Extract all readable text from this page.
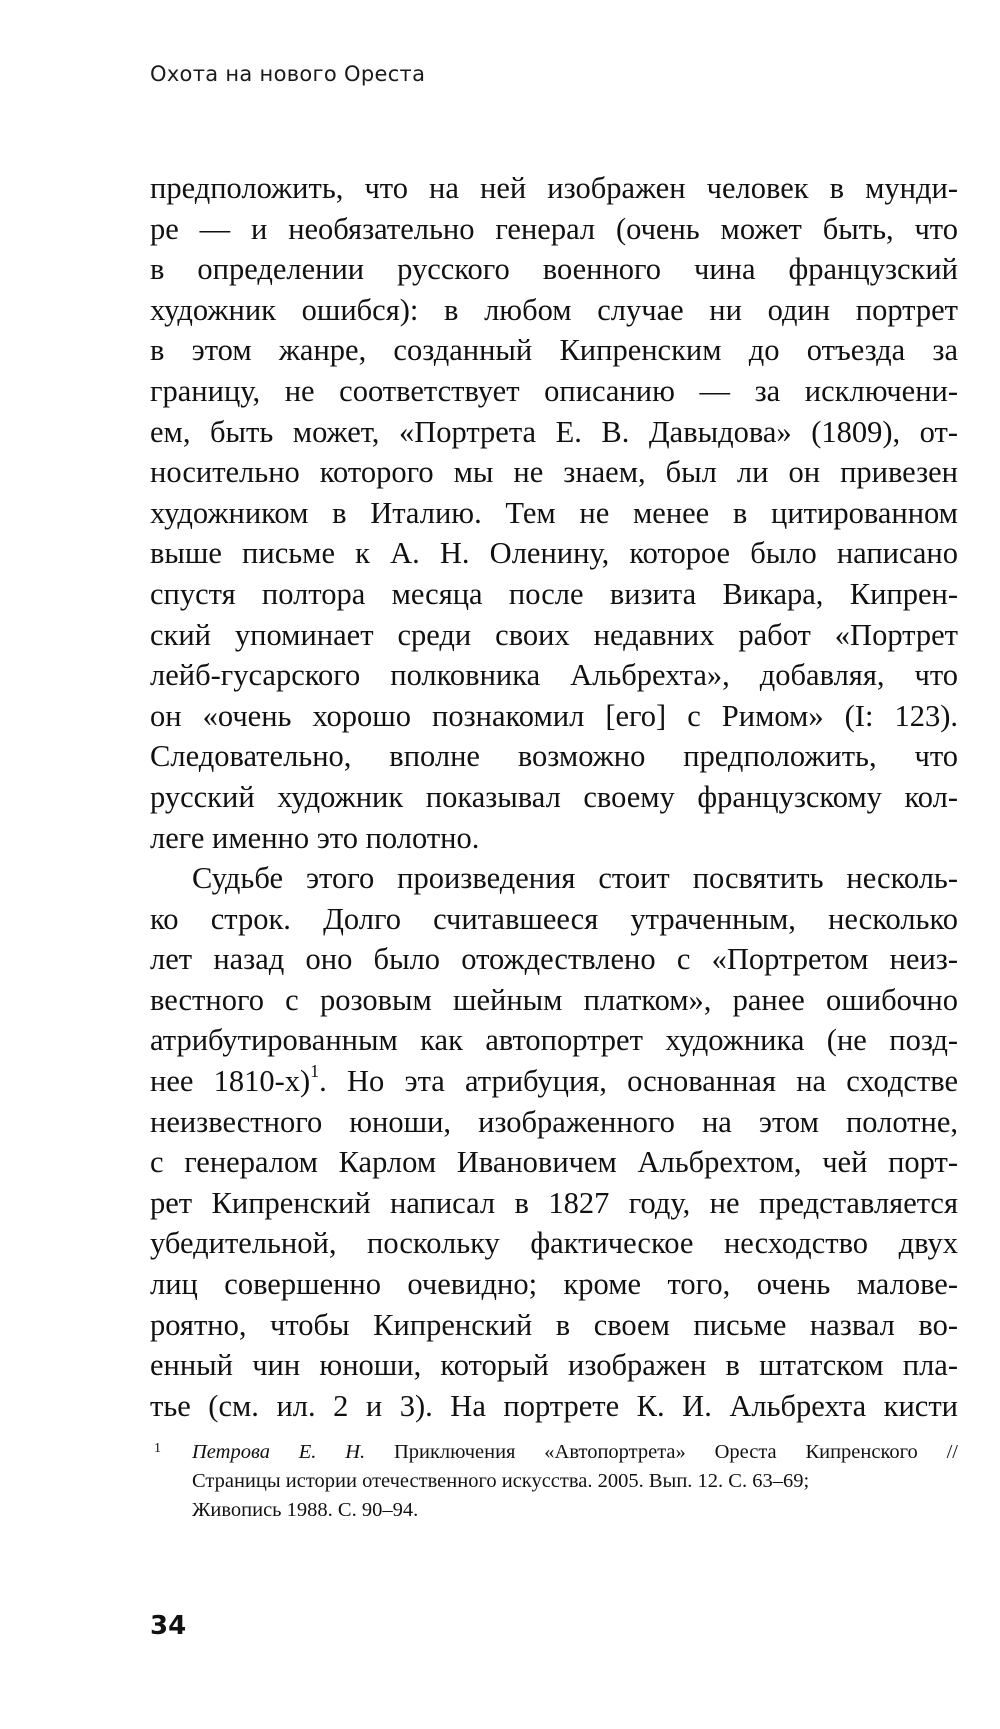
Охота на нового Ореста
предположить, что на ней изображен человек в мунди-
ре — и необязательно генерал (очень может быть, что
в определении русского военного чина французский
художник ошибся): в любом случае ни один портрет
в этом жанре, созданный Кипренским до отъезда за
границу, не соответствует описанию — за исключени-
ем, быть может, «Портрета Е. В. Давыдова» (1809), от-
носительно которого мы не знаем, был ли он привезен
художником в Италию. Тем не менее в цитированном
выше письме к А. Н. Оленину, которое было написано
спустя полтора месяца после визита Викара, Кипрен-
ский упоминает среди своих недавних работ «Портрет
лейб-гусарского полковника Альбрехта», добавляя, что
он «очень хорошо познакомил [его] с Римом» (I: 123).
Следовательно, вполне возможно предположить, что
русский художник показывал своему французскому кол-
леге именно это полотно.
Судьбе этого произведения стоит посвятить несколь-
ко строк. Долго считавшееся утраченным, несколько
лет назад оно было отождествлено с «Портретом неиз-
вестного с розовым шейным платком», ранее ошибочно
атрибутированным как автопортрет художника (не позд-
нее 1810-х)$^1$. Но эта атрибуция, основанная на сходстве
неизвестного юноши, изображенного на этом полотне,
с генералом Карлом Ивановичем Альбрехтом, чей порт-
рет Кипренский написал в 1827 году, не представляется
убедительной, поскольку фактическое несходство двух
лиц совершенно очевидно; кроме того, очень малове-
роятно, чтобы Кипренский в своем письме назвал во-
енный чин юноши, который изображен в штатском пла-
тье (см. ил. 2 и 3). На портрете К. И. Альбрехта кисти
1 Петрова Е. Н. Приключения «Автопортрета» Ореста Кипренского //
Страницы истории отечественного искусства. 2005. Вып. 12. С. 63–69;
Живопись 1988. С. 90–94.
34
